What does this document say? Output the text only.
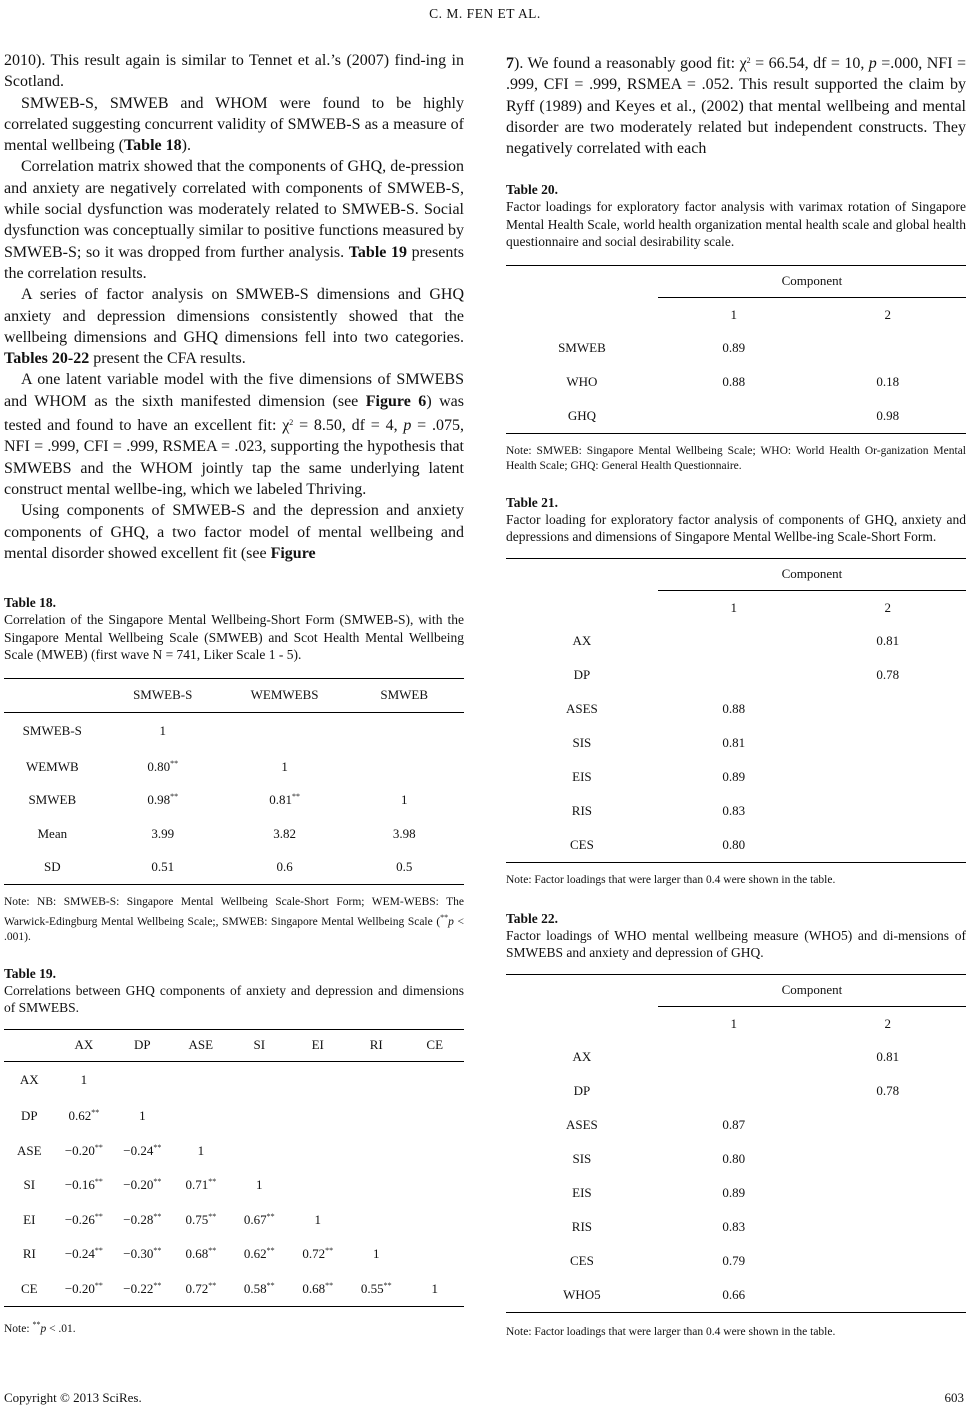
C. M. FEN ET AL.

2010). This result again is similar to Tennet et al.’s (2007) find-ing in Scotland.

SMWEB-S, SMWEB and WHOM were found to be highly correlated suggesting concurrent validity of SMWEB-S as a measure of mental wellbeing (Table 18).

Correlation matrix showed that the components of GHQ, de-pression and anxiety are negatively correlated with components of SMWEB-S, while social dysfunction was moderately related to SMWEB-S. Social dysfunction was conceptually similar to positive functions measured by SMWEB-S; so it was dropped from further analysis. Table 19 presents the correlation results.

A series of factor analysis on SMWEB-S dimensions and GHQ anxiety and depression dimensions consistently showed that the wellbeing dimensions and GHQ dimensions fell into two categories. Tables 20-22 present the CFA results.

A one latent variable model with the five dimensions of SMWEBS and WHOM as the sixth manifested dimension (see Figure 6) was tested and found to have an excellent fit: $\chi^2 = 8.50$, df = 4, p = .075, NFI = .999, CFI = .999, RSMEA = .023, supporting the hypothesis that SMWEBS and the WHOM jointly tap the same underlying latent construct mental wellbe-ing, which we labeled Thriving.

Using components of SMWEB-S and the depression and anxiety components of GHQ, a two factor model of mental wellbeing and mental disorder showed excellent fit (see Figure

Table 18.

Correlation of the Singapore Mental Wellbeing-Short Form (SMWEB-S), with the Singapore Mental Wellbeing Scale (SMWEB) and Scot Health Mental Wellbeing Scale (MWEB) (first wave N = 741, Liker Scale 1 - 5).

	SMWEB-S	WEMWEBS	SMWEB
SMWEB-S	1		
WEMWB	0.80**	1	
SMWEB	0.98**	0.81**	1
Mean	3.99	3.82	3.98
SD	0.51	0.6	0.5

Note: NB: SMWEB-S: Singapore Mental Wellbeing Scale-Short Form; WEM-WEBS: The Warwick-Edingburg Mental Wellbeing Scale;, SMWEB: Singapore Mental Wellbeing Scale (**p < .001).

Table 19.

Correlations between GHQ components of anxiety and depression and dimensions of SMWEBS.

	AX	DP	ASE	SI	EI	RI	CE
AX	1						
DP	0.62**	1					
ASE	−0.20**	−0.24**	1				
SI	−0.16**	−0.20**	0.71**	1			
EI	−0.26**	−0.28**	0.75**	0.67**	1		
RI	−0.24**	−0.30**	0.68**	0.62**	0.72**	1	
CE	−0.20**	−0.22**	0.72**	0.58**	0.68**	0.55**	1

Note: **p < .01.

7). We found a reasonably good fit: $\chi^2 = 66.54$, df = 10, p =.000, NFI = .999, CFI = .999, RSMEA = .052. This result supported the claim by Ryff (1989) and Keyes et al., (2002) that mental wellbeing and mental disorder are two moderately related but independent constructs. They negatively correlated with each

Table 20.

Factor loadings for exploratory factor analysis with varimax rotation of Singapore Mental Health Scale, world health organization mental health scale and global health questionnaire and social desirability scale.

	Component	
	1	2
SMWEB	0.89	
WHO	0.88	0.18
GHQ		0.98

Note: SMWEB: Singapore Mental Wellbeing Scale; WHO: World Health Or-ganization Mental Health Scale; GHQ: General Health Questionnaire.

Table 21.

Factor loading for exploratory factor analysis of components of GHQ, anxiety and depressions and dimensions of Singapore Mental Wellbe-ing Scale-Short Form.

	Component	
	1	2
AX		0.81
DP		0.78
ASES	0.88	
SIS	0.81	
EIS	0.89	
RIS	0.83	
CES	0.80	

Note: Factor loadings that were larger than 0.4 were shown in the table.

Table 22.

Factor loadings of WHO mental wellbeing measure (WHO5) and di-mensions of SMWEBS and anxiety and depression of GHQ.

	Component	
	1	2
AX		0.81
DP		0.78
ASES	0.87	
SIS	0.80	
EIS	0.89	
RIS	0.83	
CES	0.79	
WHO5	0.66	

Note: Factor loadings that were larger than 0.4 were shown in the table.

Copyright © 2013 SciRes.	603
